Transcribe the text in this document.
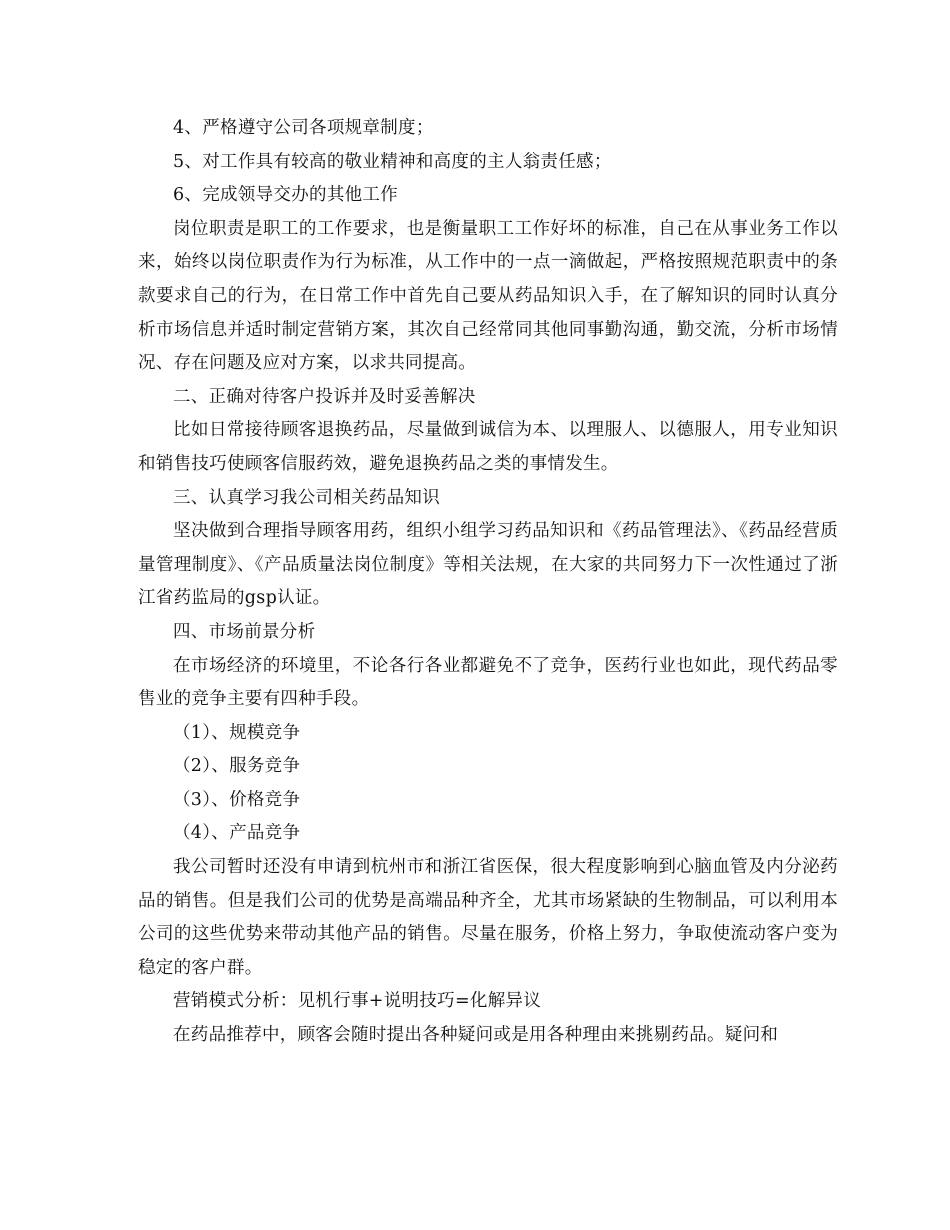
4、严格遵守公司各项规章制度；

5、对工作具有较高的敬业精神和高度的主人翁责任感；

6、完成领导交办的其他工作

岗位职责是职工的工作要求，也是衡量职工工作好坏的标准，自己在从事业务工作以来，始终以岗位职责作为行为标准，从工作中的一点一滴做起，严格按照规范职责中的条款要求自己的行为，在日常工作中首先自己要从药品知识入手，在了解知识的同时认真分析市场信息并适时制定营销方案，其次自己经常同其他同事勤沟通，勤交流，分析市场情况、存在问题及应对方案，以求共同提高。

二、正确对待客户投诉并及时妥善解决

比如日常接待顾客退换药品，尽量做到诚信为本、以理服人、以德服人，用专业知识和销售技巧使顾客信服药效，避免退换药品之类的事情发生。

三、认真学习我公司相关药品知识

坚决做到合理指导顾客用药，组织小组学习药品知识和《药品管理法》、《药品经营质量管理制度》、《产品质量法岗位制度》等相关法规，在大家的共同努力下一次性通过了浙江省药监局的gsp认证。

四、市场前景分析

在市场经济的环境里，不论各行各业都避免不了竞争，医药行业也如此，现代药品零售业的竞争主要有四种手段。

（1）、规模竞争

（2）、服务竞争

（3）、价格竞争

（4）、产品竞争

我公司暂时还没有申请到杭州市和浙江省医保，很大程度影响到心脑血管及内分泌药品的销售。但是我们公司的优势是高端品种齐全，尤其市场紧缺的生物制品，可以利用本公司的这些优势来带动其他产品的销售。尽量在服务，价格上努力，争取使流动客户变为稳定的客户群。

营销模式分析：见机行事+说明技巧=化解异议

在药品推荐中，顾客会随时提出各种疑问或是用各种理由来挑剔药品。疑问和
